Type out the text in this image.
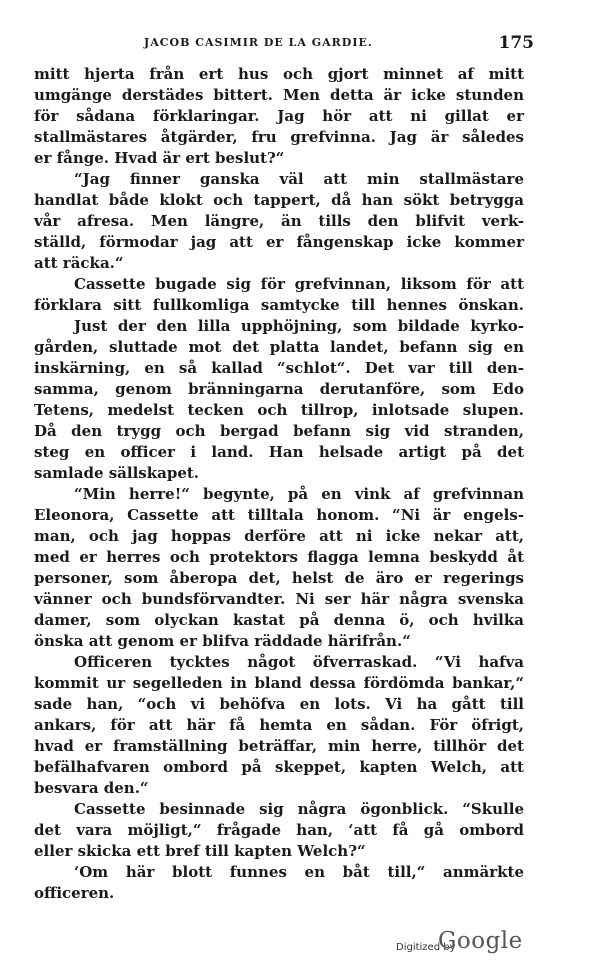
JACOB CASIMIR DE LA GARDIE.	175
mitt hjerta från ert hus och gjort minnet af mitt
umgänge derstädes bittert. Men detta är icke stunden
för sådana förklaringar. Jag hör att ni gillat er
stallmästares åtgärder, fru grefvinna. Jag är således
er fånge. Hvad är ert beslut?“
“Jag finner ganska väl att min stallmästare
handlat både klokt och tappert, då han sökt betrygga
vår afresa. Men längre, än tills den blifvit verk-
ställd, förmodar jag att er fångenskap icke kommer
att räcka.“
Cassette bugade sig för grefvinnan, liksom för att
förklara sitt fullkomliga samtycke till hennes önskan.
Just der den lilla upphöjning, som bildade kyrko-
gården, sluttade mot det platta landet, befann sig en
inskärning, en så kallad “schlot“. Det var till den-
samma, genom bränningarna derutanföre, som Edo
Tetens, medelst tecken och tillrop, inlotsade slupen.
Då den trygg och bergad befann sig vid stranden,
steg en officer i land. Han helsade artigt på det
samlade sällskapet.
“Min herre!“ begynte, på en vink af grefvinnan
Eleonora, Cassette att tilltala honom. “Ni är engels-
man, och jag hoppas derföre att ni icke nekar att,
med er herres och protektors flagga lemna beskydd åt
personer, som åberopa det, helst de äro er regerings
vänner och bundsförvandter. Ni ser här några svenska
damer, som olyckan kastat på denna ö, och hvilka
önska att genom er blifva räddade härifrån.“
Officeren tycktes något öfverraskad. “Vi hafva
kommit ur segelleden in bland dessa fördömda bankar,“
sade han, “och vi behöfva en lots. Vi ha gått till
ankars, för att här få hemta en sådan. För öfrigt,
hvad er framställning beträffar, min herre, tillhör det
befälhafvaren ombord på skeppet, kapten Welch, att
besvara den.“
Cassette besinnade sig några ögonblick. “Skulle
det vara möjligt,“ frågade han, ‘att få gå ombord
eller skicka ett bref till kapten Welch?“
‘Om här blott funnes en båt till,“ anmärkte
officeren.
Digitized by
Google
